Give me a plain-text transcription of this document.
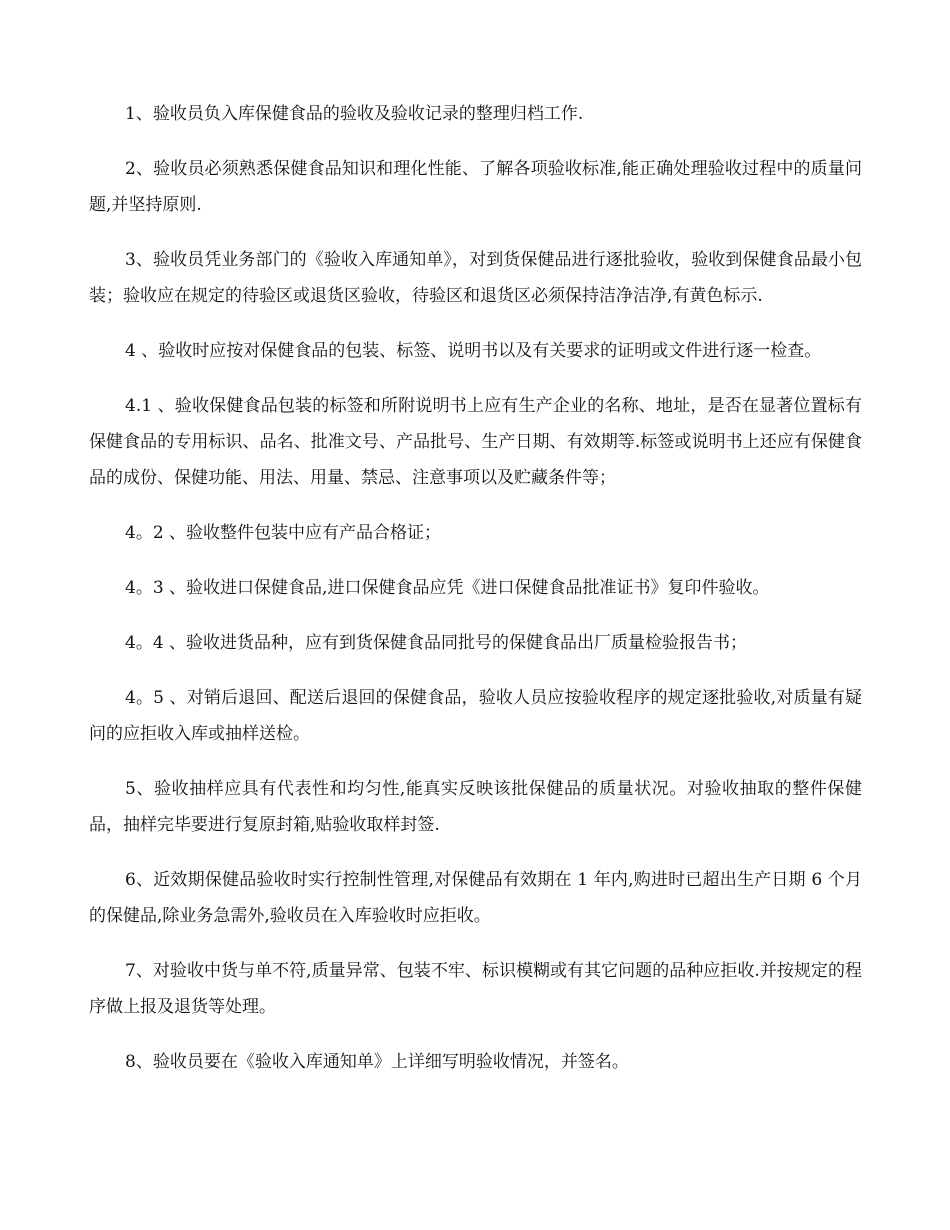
1、验收员负入库保健食品的验收及验收记录的整理归档工作.

2、验收员必须熟悉保健食品知识和理化性能、了解各项验收标准,能正确处理验收过程中的质量问题,并坚持原则.

3、验收员凭业务部门的《验收入库通知单》，对到货保健品进行逐批验收，验收到保健食品最小包装；验收应在规定的待验区或退货区验收，待验区和退货区必须保持洁净洁净,有黄色标示.

4 、验收时应按对保健食品的包装、标签、说明书以及有关要求的证明或文件进行逐一检查。

4.1 、验收保健食品包装的标签和所附说明书上应有生产企业的名称、地址，是否在显著位置标有保健食品的专用标识、品名、批准文号、产品批号、生产日期、有效期等.标签或说明书上还应有保健食品的成份、保健功能、用法、用量、禁忌、注意事项以及贮藏条件等；

4。2 、验收整件包装中应有产品合格证；

4。3 、验收进口保健食品,进口保健食品应凭《进口保健食品批准证书》复印件验收。

4。4 、验收进货品种，应有到货保健食品同批号的保健食品出厂质量检验报告书；

4。5 、对销后退回、配送后退回的保健食品，验收人员应按验收程序的规定逐批验收,对质量有疑问的应拒收入库或抽样送检。

5、验收抽样应具有代表性和均匀性,能真实反映该批保健品的质量状况。对验收抽取的整件保健品，抽样完毕要进行复原封箱,贴验收取样封签.

6、近效期保健品验收时实行控制性管理,对保健品有效期在 1 年内,购进时已超出生产日期 6 个月的保健品,除业务急需外,验收员在入库验收时应拒收。

7、对验收中货与单不符,质量异常、包装不牢、标识模糊或有其它问题的品种应拒收.并按规定的程序做上报及退货等处理。

8、验收员要在《验收入库通知单》上详细写明验收情况，并签名。
